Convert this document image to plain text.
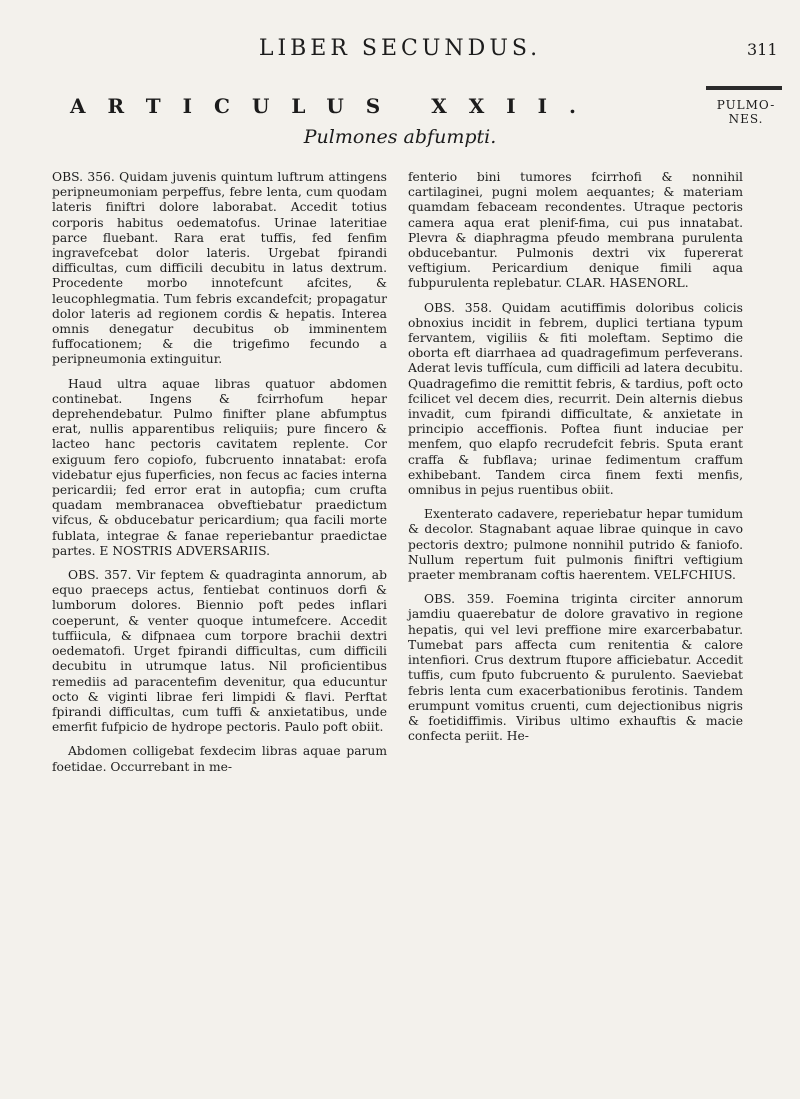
LIBER SECUNDUS.	311
ARTICULUS XXII.	PULMO-NES.
Pulmones abfumpti.

OBS. 356. Quidam juvenis quintum luftrum attingens peripneumoniam perpeffus, febre lenta, cum quodam lateris finiftri dolore laborabat. Accedit totius corporis habitus oedematofus. Urinae lateritiae parce fluebant. Rara erat tuffis, fed fenfim ingravefcebat dolor lateris. Urgebat fpirandi difficultas, cum difficili decubitu in latus dextrum. Procedente morbo innotefcunt afcites, & leucophlegmatia. Tum febris excandefcit; propagatur dolor lateris ad regionem cordis & hepatis. Interea omnis denegatur decubitus ob imminentem fuffocationem; & die trigefimo fecundo a peripneumonia extinguitur.

Haud ultra aquae libras quatuor abdomen continebat. Ingens & fcirrhofum hepar deprehendebatur. Pulmo finifter plane abfumptus erat, nullis apparentibus reliquiis; pure fincero & lacteo hanc pectoris cavitatem replente. Cor exiguum fero copiofo, fubcruento innatabat: erofa videbatur ejus fuperficies, non fecus ac facies interna pericardii; fed error erat in autopfia; cum crufta quadam membranacea obveftiebatur praedictum vifcus, & obducebatur pericardium; qua facili morte fublata, integrae & fanae reperiebantur praedictae partes. E NOSTRIS ADVERSARIIS.

OBS. 357. Vir feptem & quadraginta annorum, ab equo praeceps actus, fentiebat continuos dorfi & lumborum dolores. Biennio poft pedes inflari coeperunt, & venter quoque intumefcere. Accedit tuffiicula, & difpnaea cum torpore brachii dextri oedematofi. Urget fpirandi difficultas, cum difficili decubitu in utrumque latus. Nil proficientibus remediis ad paracentefim devenitur, qua educuntur octo & viginti librae feri limpidi & flavi. Perftat fpirandi difficultas, cum tuffi & anxietatibus, unde emerfit fufpicio de hydrope pectoris. Paulo poft obiit.

Abdomen colligebat fexdecim libras aquae parum foetidae. Occurrebant in me-

fenterio bini tumores fcirrhofi & nonnihil cartilaginei, pugni molem aequantes; & materiam quamdam febaceam recondentes. Utraque pectoris camera aqua erat plenif-fima, cui pus innatabat. Plevra & diaphragma pfeudo membrana purulenta obducebantur. Pulmonis dextri vix fupererat veftigium. Pericardium denique fimili aqua fubpurulenta replebatur. CLAR. HASENORL.

OBS. 358. Quidam acutiffimis doloribus colicis obnoxius incidit in febrem, duplici tertiana typum fervantem, vigiliis & fiti moleftam. Septimo die oborta eft diarrhaea ad quadragefimum perfeverans. Aderat levis tuffícula, cum difficili ad latera decubitu. Quadragefimo die remittit febris, & tardius, poft octo fcilicet vel decem dies, recurrit. Dein alternis diebus invadit, cum fpirandi difficultate, & anxietate in principio acceffionis. Poftea fiunt induciae per menfem, quo elapfo recrudefcit febris. Sputa erant craffa & fubflava; urinae fedimentum craffum exhibebant. Tandem circa finem fexti menfis, omnibus in pejus ruentibus obiit.

Exenterato cadavere, reperiebatur hepar tumidum & decolor. Stagnabant aquae librae quinque in cavo pectoris dextro; pulmone nonnihil putrido & faniofo. Nullum repertum fuit pulmonis finiftri veftigium praeter membranam coftis haerentem. VELFCHIUS.

OBS. 359. Foemina triginta circiter annorum jamdiu quaerebatur de dolore gravativo in regione hepatis, qui vel levi preffione mire exarcerbabatur. Tumebat pars affecta cum renitentia & calore intenfiori. Crus dextrum ftupore afficiebatur. Accedit tuffis, cum fputo fubcruento & purulento. Saeviebat febris lenta cum exacerbationibus ferotinis. Tandem erumpunt vomitus cruenti, cum dejectionibus nigris & foetidiffimis. Viribus ultimo exhauftis & macie confecta periit. He-
